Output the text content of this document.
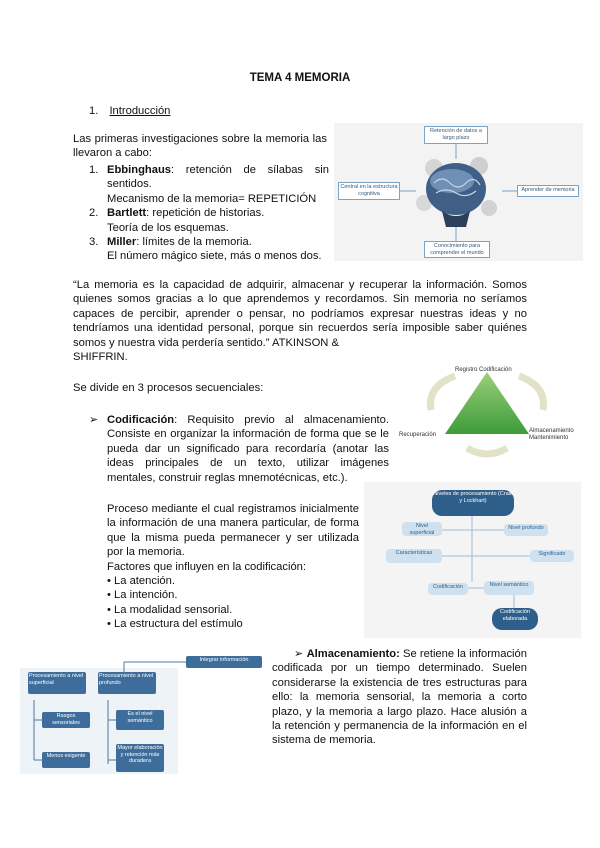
TEMA 4 MEMORIA
1. Introducción
Las primeras investigaciones sobre la memoria las llevaron a cabo:
1. Ebbinghaus: retención de sílabas sin
sentidos.
Mecanismo de la memoria= REPETICIÓN
2. Bartlett: repetición de historias.
Teoría de los esquemas.
3. Miller: límites de la memoria.
El número mágico siete, más o menos dos.
Retención de datos a largo plazo
Central en la estructura cognitiva
Aprender de memoria
Conocimiento para comprender el mundo
“La memoria es la capacidad de adquirir, almacenar y recuperar la información. Somos quienes somos gracias a lo que aprendemos y recordamos. Sin memoria no seríamos capaces de percibir, aprender o pensar, no podríamos expresar nuestras ideas y no tendríamos una identidad personal, porque sin recuerdos sería imposible saber quiénes somos y nuestra vida perdería sentido.” ATKINSON &
SHIFFRIN.
Se divide en 3 procesos secuenciales:
Registro Codificación
Recuperación
Almacenamiento Mantenimiento
➢ Codificación: Requisito previo al almacenamiento. Consiste en organizar la información de forma que se le pueda dar un significado para recordaría (anotar las ideas principales de un texto, utilizar imágenes mentales, construir reglas mnemotécnicas, etc.).
Proceso mediante el cual registramos inicialmente la información de una manera particular, de forma que la misma pueda permanecer y ser utilizada por la memoria.
Factores que influyen en la codificación:
• La atención.
• La intención.
• La modalidad sensorial.
• La estructura del estímulo
Niveles de procesamiento (Craik y Lockhart)
Nivel superficial
Nivel profundo
Características	Significado
Codificación	Nivel semántico
Codificación elaborada
Procesamiento a nivel superficial
Rasgos sensoriales
Menos exigente
Procesamiento a nivel profundo
Es el nivel semántico
Mayor elaboración y retención más duradera
Integrar información	➢ Almacenamiento: Se retiene la información codificada por un tiempo determinado. Suelen considerarse la existencia de tres estructuras para ello: la memoria sensorial, la memoria a corto plazo, y la memoria a largo plazo. Hace alusión a la retención y permanencia de la información en el sistema de memoria.
